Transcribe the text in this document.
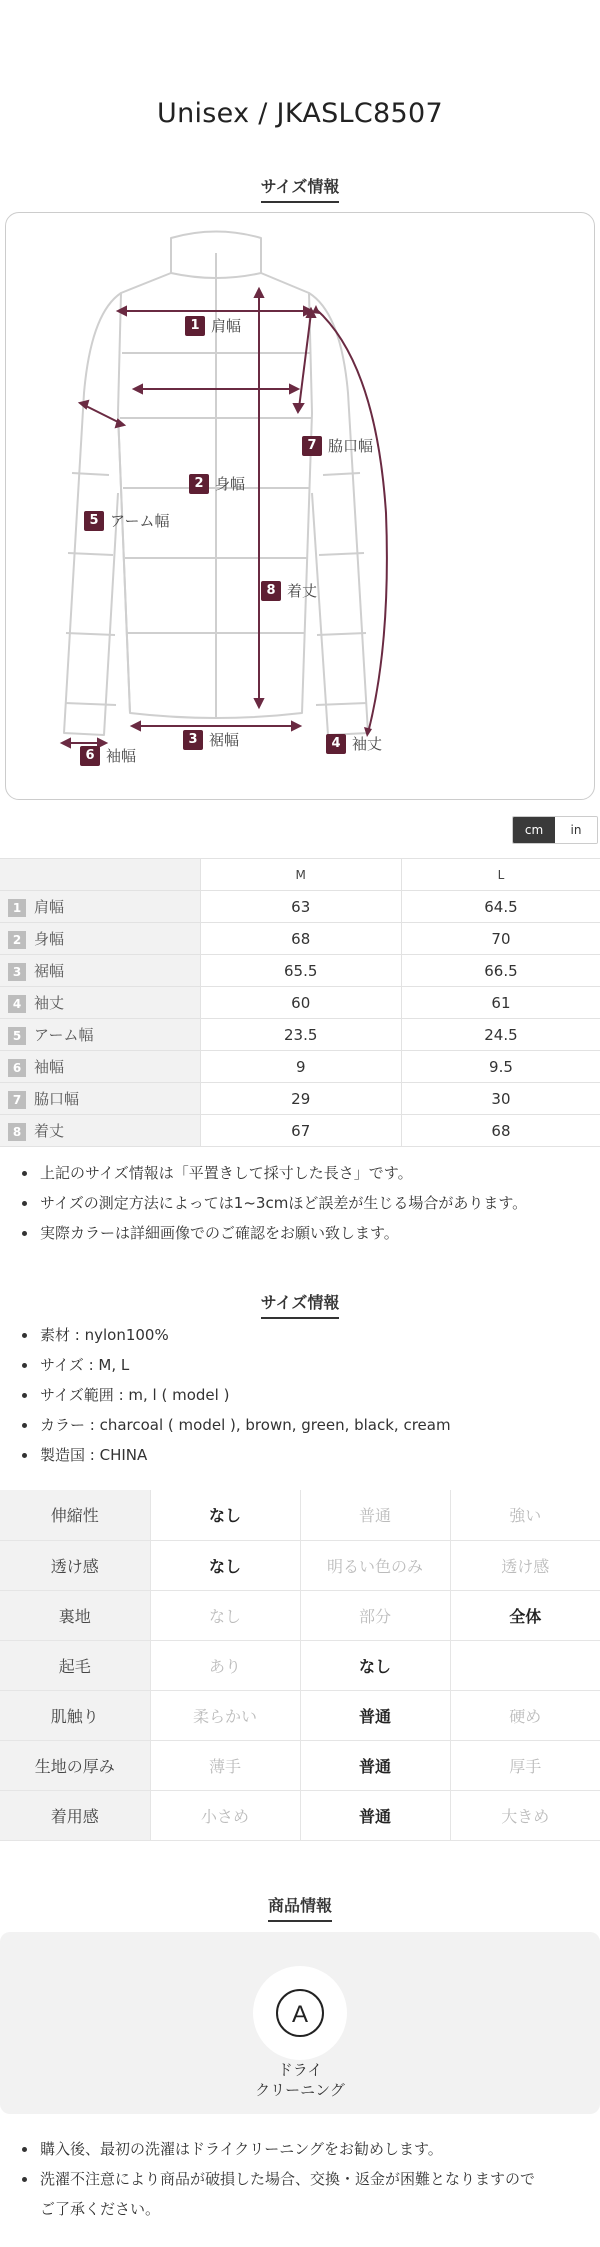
Unisex / JKASLC8507
サイズ情報
1 肩幅
2 身幅
3 裾幅	4 袖丈
5 アーム幅
6 袖幅
7 脇口幅
8 着丈
cm	in
	M	L
1 肩幅	63	64.5
2 身幅	68	70
3 裾幅	65.5	66.5
4 袖丈	60	61
5 アーム幅	23.5	24.5
6 袖幅	9	9.5
7 脇口幅	29	30
8 着丈	67	68
上記のサイズ情報は「平置きして採寸した長さ」です。
サイズの測定方法によっては1~3cmほど誤差が生じる場合があります。
実際カラーは詳細画像でのご確認をお願い致します。
サイズ情報
素材 : nylon100%
サイズ : M, L
サイズ範囲 : m, l ( model )
カラー : charcoal ( model ), brown, green, black, cream
製造国 : CHINA
伸縮性	なし	普通	強い
透け感	なし	明るい色のみ	透け感
裏地	なし	部分	全体
起毛	あり	なし	
肌触り	柔らかい	普通	硬め
生地の厚み	薄手	普通	厚手
着用感	小さめ	普通	大きめ
商品情報
A
ドライ
クリーニング
購入後、最初の洗濯はドライクリーニングをお勧めします。
洗濯不注意により商品が破損した場合、交換・返金が困難となりますので
ご了承ください。
